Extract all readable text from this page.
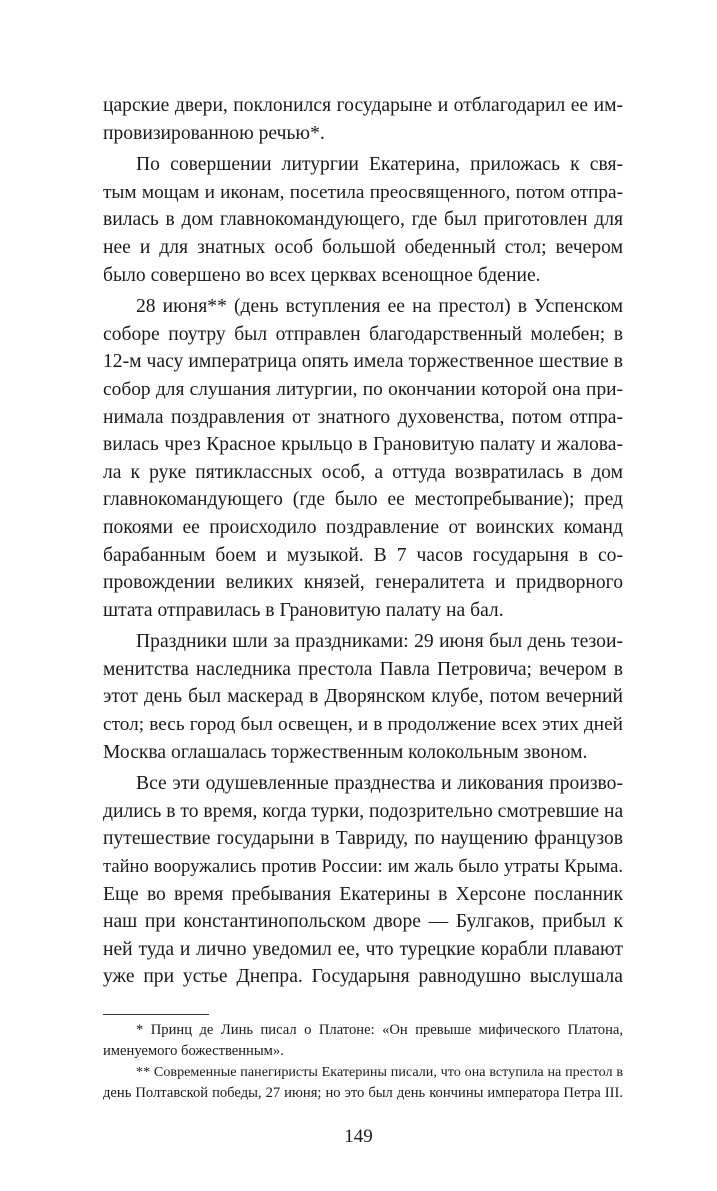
царские двери, поклонился государыне и отблагодарил ее им-
провизированною речью*.
По совершении литургии Екатерина, приложась к свя-
тым мощам и иконам, посетила преосвященного, потом отпра-
вилась в дом главнокомандующего, где был приготовлен для
нее и для знатных особ большой обеденный стол; вечером
было совершено во всех церквах всенощное бдение.
28 июня** (день вступления ее на престол) в Успенском
соборе поутру был отправлен благодарственный молебен; в
12-м часу императрица опять имела торжественное шествие в
собор для слушания литургии, по окончании которой она при-
нимала поздравления от знатного духовенства, потом отпра-
вилась чрез Красное крыльцо в Грановитую палату и жалова-
ла к руке пятиклассных особ, а оттуда возвратилась в дом
главнокомандующего (где было ее местопребывание); пред
покоями ее происходило поздравление от воинских команд
барабанным боем и музыкой. В 7 часов государыня в со-
провождении великих князей, генералитета и придворного
штата отправилась в Грановитую палату на бал.
Праздники шли за праздниками: 29 июня был день тезои-
менитства наследника престола Павла Петровича; вечером в
этот день был маскерад в Дворянском клубе, потом вечерний
стол; весь город был освещен, и в продолжение всех этих дней
Москва оглашалась торжественным колокольным звоном.
Все эти одушевленные празднества и ликования произво-
дились в то время, когда турки, подозрительно смотревшие на
путешествие государыни в Тавриду, по наущению французов
тайно вооружались против России: им жаль было утраты Крыма.
Еще во время пребывания Екатерины в Херсоне посланник
наш при константинопольском дворе — Булгаков, прибыл к
ней туда и лично уведомил ее, что турецкие корабли плавают
уже при устье Днепра. Государыня равнодушно выслушала
* Принц де Линь писал о Платоне: «Он превыше мифического Платона,
именуемого божественным».
** Современные панегиристы Екатерины писали, что она вступила на престол в
день Полтавской победы, 27 июня; но это был день кончины императора Петра III.
149
